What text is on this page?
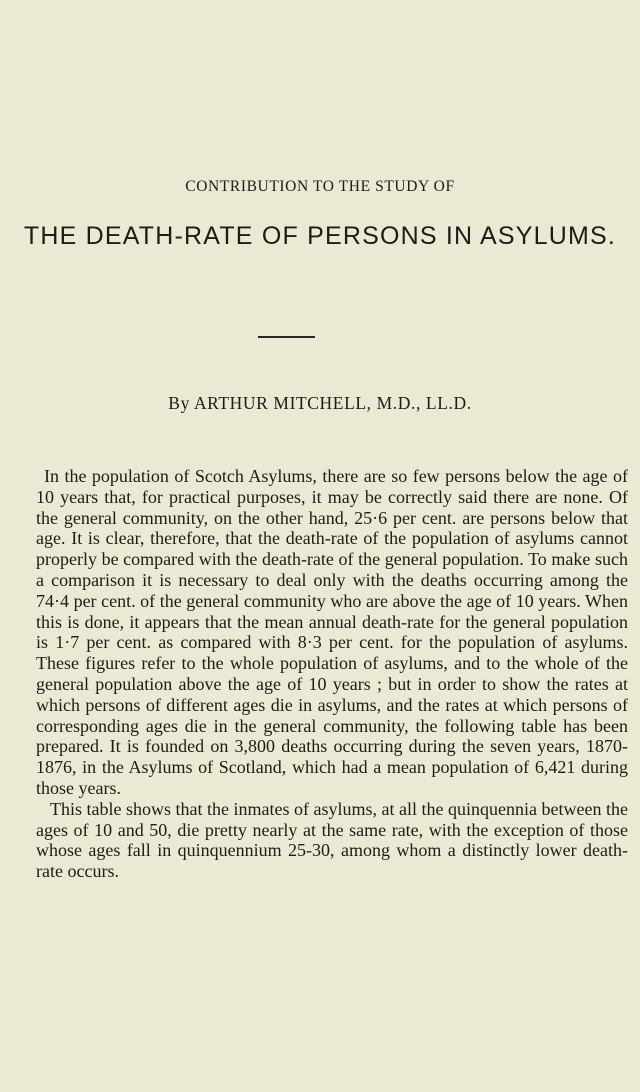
CONTRIBUTION TO THE STUDY OF
THE DEATH-RATE OF PERSONS IN ASYLUMS.
By ARTHUR MITCHELL, M.D., LL.D.

In the population of Scotch Asylums, there are so few persons below the age of 10 years that, for practical purposes, it may be correctly said there are none. Of the general community, on the other hand, 25·6 per cent. are persons below that age. It is clear, therefore, that the death-rate of the population of asylums cannot properly be compared with the death-rate of the general population. To make such a comparison it is necessary to deal only with the deaths occurring among the 74·4 per cent. of the general community who are above the age of 10 years. When this is done, it appears that the mean annual death-rate for the general population is 1·7 per cent. as compared with 8·3 per cent. for the population of asylums. These figures refer to the whole population of asylums, and to the whole of the general population above the age of 10 years ; but in order to show the rates at which persons of different ages die in asylums, and the rates at which persons of corresponding ages die in the general community, the following table has been prepared. It is founded on 3,800 deaths occurring during the seven years, 1870-1876, in the Asylums of Scotland, which had a mean population of 6,421 during those years.

This table shows that the inmates of asylums, at all the quinquennia between the ages of 10 and 50, die pretty nearly at the same rate, with the exception of those whose ages fall in quinquennium 25-30, among whom a distinctly lower death-rate occurs.
